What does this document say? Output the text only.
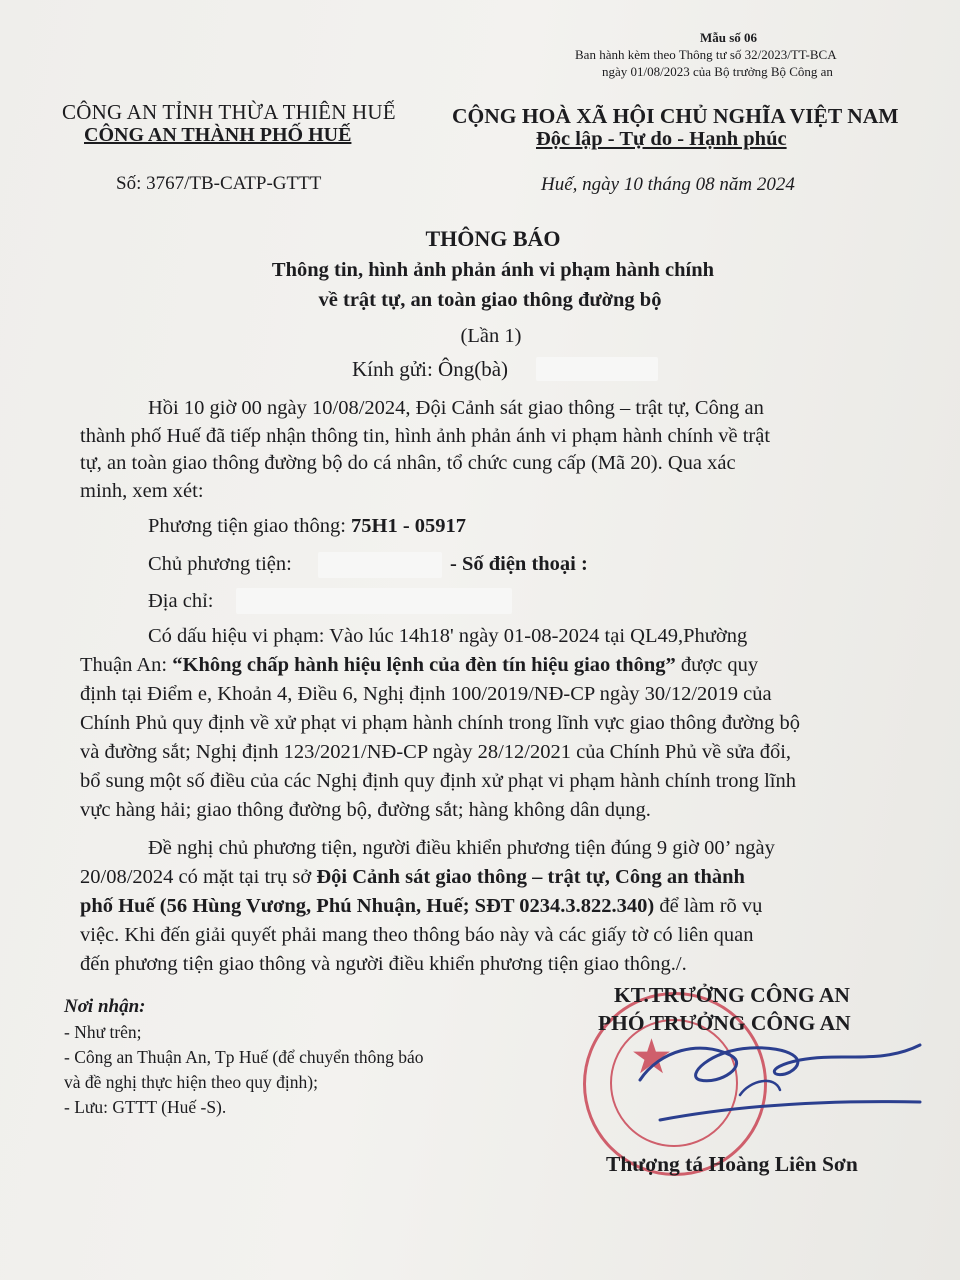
Mẫu số 06
Ban hành kèm theo Thông tư số 32/2023/TT-BCA
ngày 01/08/2023 của Bộ trưởng Bộ Công an
CÔNG AN TỈNH THỪA THIÊN HUẾ
CÔNG AN THÀNH PHỐ HUẾ
CỘNG HOÀ XÃ HỘI CHỦ NGHĨA VIỆT NAM
Độc lập - Tự do - Hạnh phúc
Số: 3767/TB-CATP-GTTT	Huế, ngày 10 tháng 08 năm 2024
THÔNG BÁO
Thông tin, hình ảnh phản ánh vi phạm hành chính
về trật tự, an toàn giao thông đường bộ
(Lần 1)
Kính gửi: Ông(bà)
Hồi 10 giờ 00 ngày 10/08/2024, Đội Cảnh sát giao thông – trật tự, Công an
thành phố Huế đã tiếp nhận thông tin, hình ảnh phản ánh vi phạm hành chính về trật
tự, an toàn giao thông đường bộ do cá nhân, tổ chức cung cấp (Mã 20). Qua xác
minh, xem xét:
Phương tiện giao thông: 75H1 - 05917
Chủ phương tiện:	- Số điện thoại :
Địa chỉ:
Có dấu hiệu vi phạm: Vào lúc 14h18' ngày 01-08-2024 tại QL49,Phường
Thuận An: “Không chấp hành hiệu lệnh của đèn tín hiệu giao thông” được quy
định tại Điểm e, Khoản 4, Điều 6, Nghị định 100/2019/NĐ-CP ngày 30/12/2019 của
Chính Phủ quy định về xử phạt vi phạm hành chính trong lĩnh vực giao thông đường bộ
và đường sắt; Nghị định 123/2021/NĐ-CP ngày 28/12/2021 của Chính Phủ về sửa đổi,
bổ sung một số điều của các Nghị định quy định xử phạt vi phạm hành chính trong lĩnh
vực hàng hải; giao thông đường bộ, đường sắt; hàng không dân dụng.
Đề nghị chủ phương tiện, người điều khiển phương tiện đúng 9 giờ 00’ ngày
20/08/2024 có mặt tại trụ sở Đội Cảnh sát giao thông – trật tự, Công an thành
phố Huế (56 Hùng Vương, Phú Nhuận, Huế; SĐT 0234.3.822.340) để làm rõ vụ
việc. Khi đến giải quyết phải mang theo thông báo này và các giấy tờ có liên quan
đến phương tiện giao thông và người điều khiển phương tiện giao thông./.
Nơi nhận:
- Như trên;
- Công an Thuận An, Tp Huế (để chuyển thông báo
và đề nghị thực hiện theo quy định);
- Lưu: GTTT (Huế -S).
★
KT.TRƯỞNG CÔNG AN
PHÓ TRƯỞNG CÔNG AN
Thượng tá Hoàng Liên Sơn
